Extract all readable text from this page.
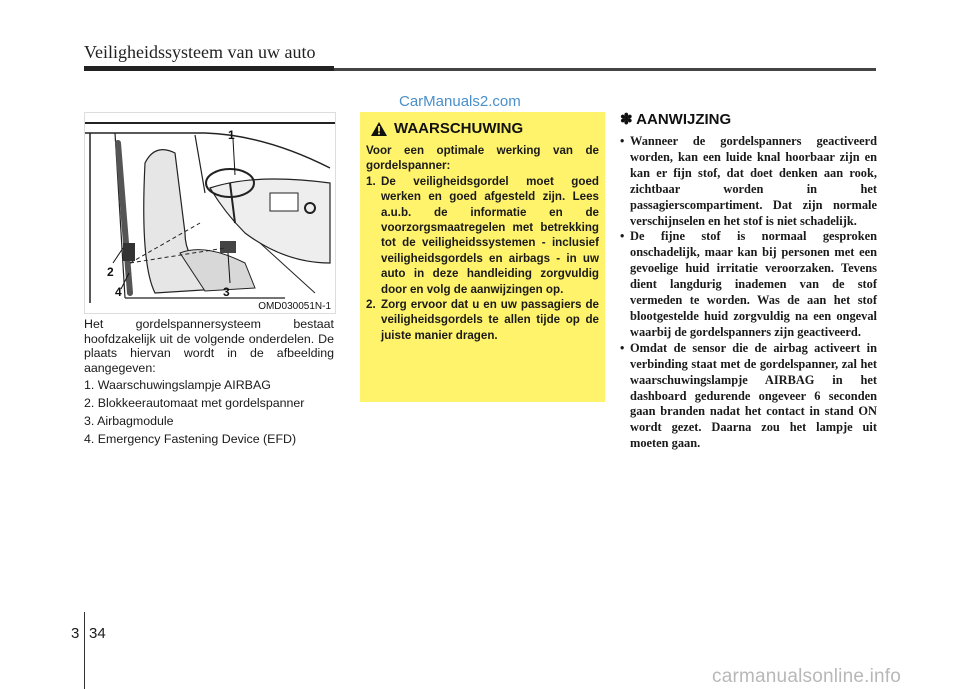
Veiligheidssysteem van uw auto
CarManuals2.com
1
2
3
4
OMD030051N-1
Het gordelspannersysteem bestaat hoofdzakelijk uit de volgende onderdelen. De plaats hiervan wordt in de afbeelding aangegeven:
1. Waarschuwingslampje AIRBAG
2. Blokkeerautomaat met gordelspanner
3. Airbagmodule
4. Emergency Fastening Device (EFD)
WAARSCHUWING
Voor een optimale werking van de gordelspanner:
1. De veiligheidsgordel moet goed werken en goed afgesteld zijn. Lees a.u.b. de informatie en de voorzorgsmaatregelen met betrekking tot de veiligheidssystemen - inclusief veiligheidsgordels en airbags - in uw auto in deze handleiding zorgvuldig door en volg de aanwijzingen op.
2. Zorg ervoor dat u en uw passagiers de veiligheidsgordels te allen tijde op de juiste manier dragen.
✽ AANWIJZING
• Wanneer de gordelspanners geactiveerd worden, kan een luide knal hoorbaar zijn en kan er fijn stof, dat doet denken aan rook, zichtbaar worden in het passagierscompartiment. Dat zijn normale verschijnselen en het stof is niet schadelijk.
• De fijne stof is normaal gesproken onschadelijk, maar kan bij personen met een gevoelige huid irritatie veroorzaken. Tevens dient langdurig inademen van de stof vermeden te worden. Was de aan het stof blootgestelde huid zorgvuldig na een ongeval waarbij de gordelspanners zijn geactiveerd.
• Omdat de sensor die de airbag activeert in verbinding staat met de gordelspanner, zal het waarschuwingslampje AIRBAG in het dashboard gedurende ongeveer 6 seconden gaan branden nadat het contact in stand ON wordt gezet. Daarna zou het lampje uit moeten gaan.
3 34
carmanualsonline.info
